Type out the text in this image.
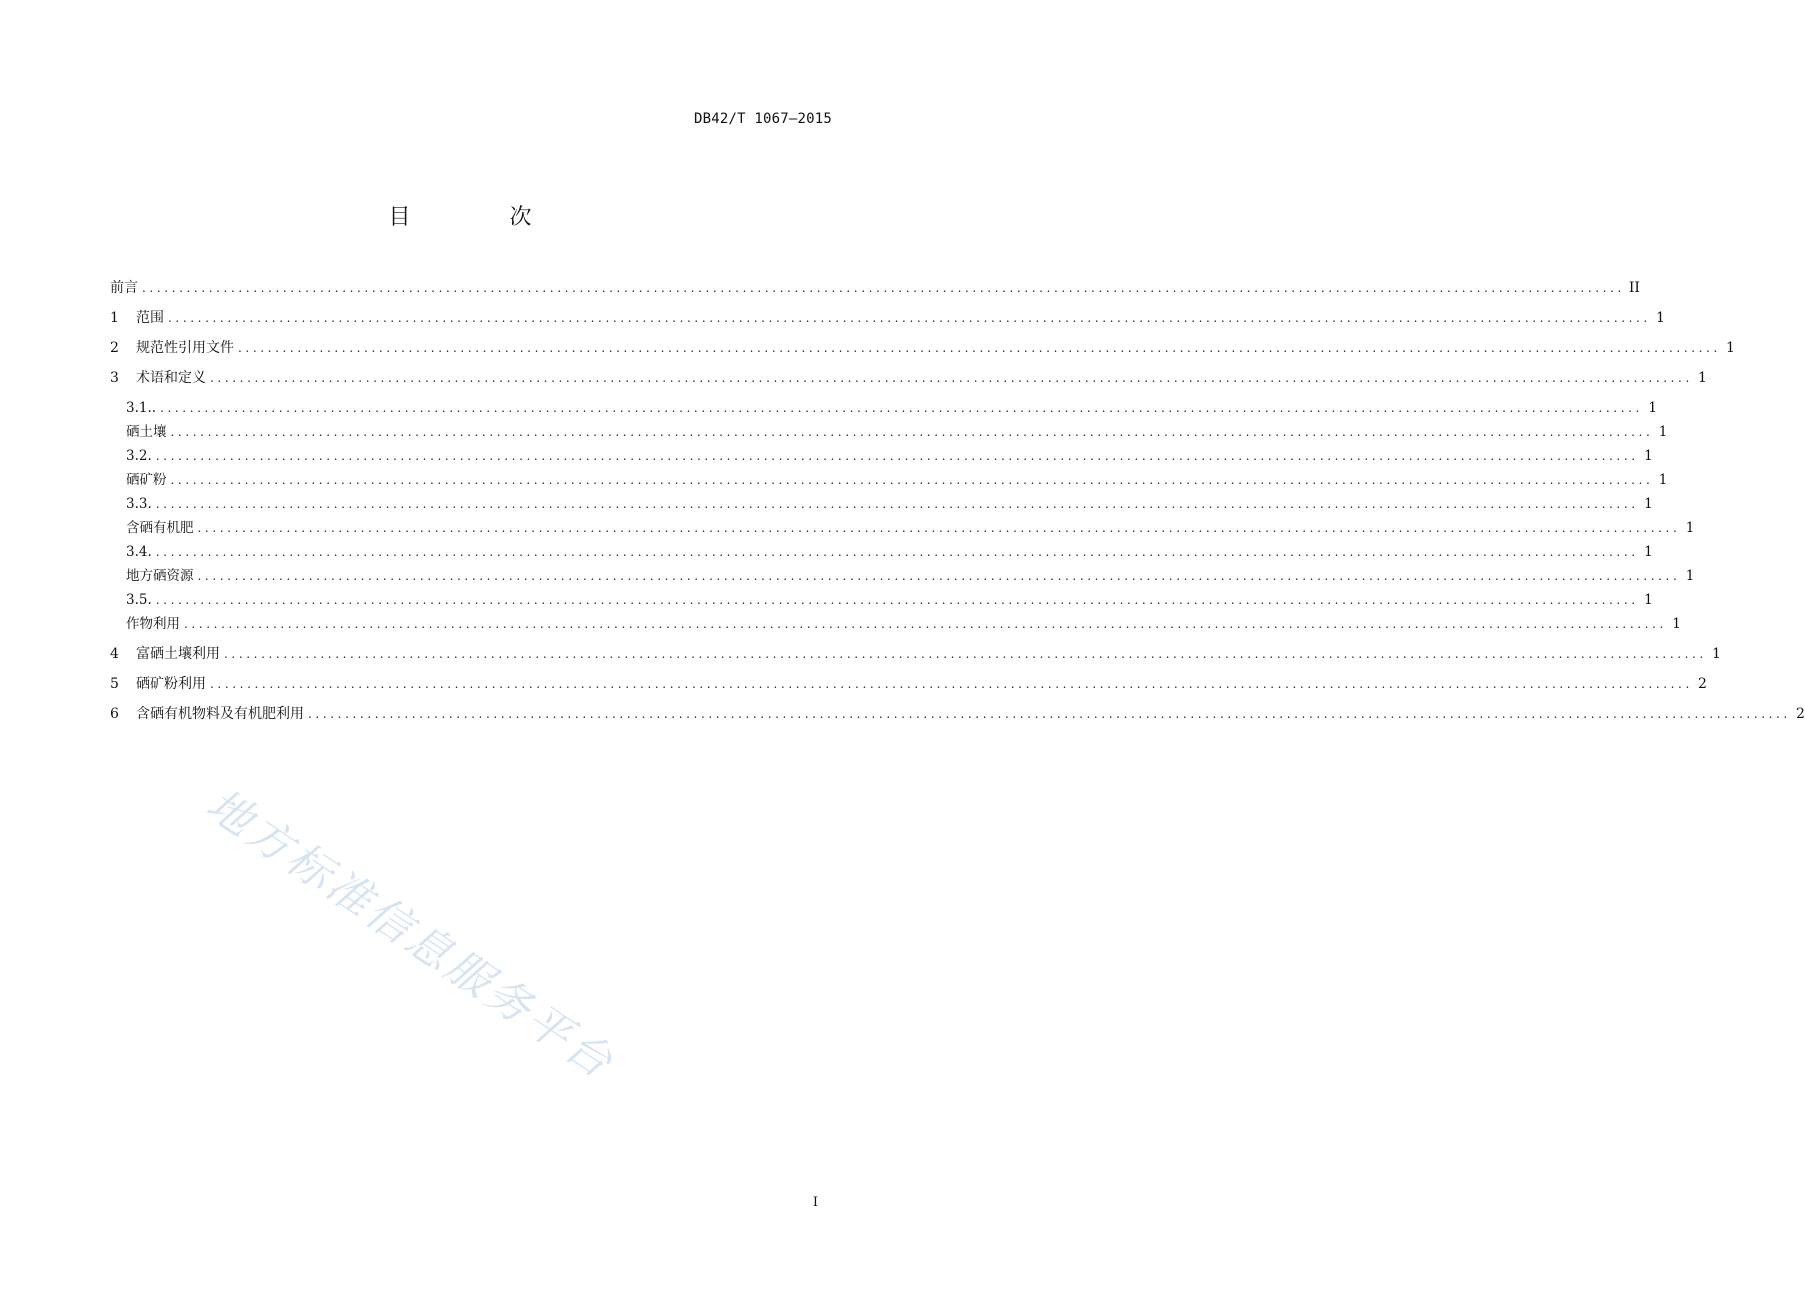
DB42/T 1067—2015
目 次
前言 ........................................................................................................................................................................................................ II
1	范围 ........................................................................................................................................................................................................ 1
2	规范性引用文件 ........................................................................................................................................................................................................ 1
3	术语和定义 ........................................................................................................................................................................................................ 1
3.1.. ........................................................................................................................................................................................................ 1
硒土壤 ........................................................................................................................................................................................................ 1
3.2. ........................................................................................................................................................................................................ 1
硒矿粉 ........................................................................................................................................................................................................ 1
3.3. ........................................................................................................................................................................................................ 1
含硒有机肥 ........................................................................................................................................................................................................ 1
3.4. ........................................................................................................................................................................................................ 1
地方硒资源 ........................................................................................................................................................................................................ 1
3.5. ........................................................................................................................................................................................................ 1
作物利用 ........................................................................................................................................................................................................ 1
4	富硒土壤利用 ........................................................................................................................................................................................................ 1
5	硒矿粉利用 ........................................................................................................................................................................................................ 2
6	含硒有机物料及有机肥利用 ........................................................................................................................................................................................................ 2
I
地方标准信息服务平台
